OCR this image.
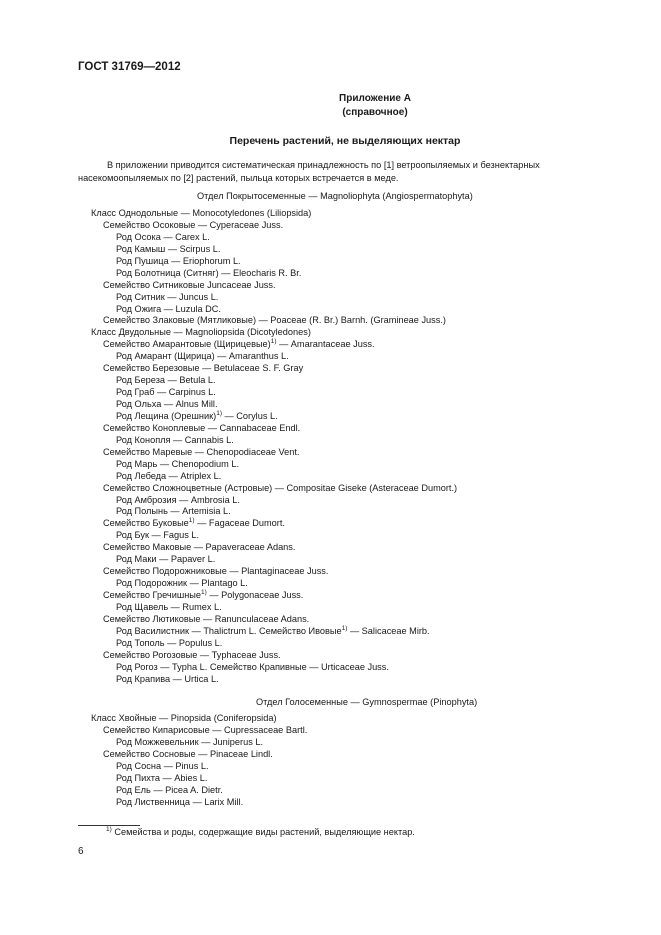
ГОСТ 31769—2012
Приложение А
(справочное)
Перечень растений, не выделяющих нектар
В приложении приводится систематическая принадлежность по [1] ветроопыляемых и безнектарных насекомоопыляемых по [2] растений, пыльца которых встречается в меде.
Отдел Покрытосеменные — Magnoliophyta (Angiospermatophyta)
Класс Однодольные — Monocotyledones (Liliopsida)
Семейство Осоковые — Cyperaceae Juss.
Род Осока — Carex L.
Род Камыш — Scirpus L.
Род Пушица — Eriophorum L.
Род Болотница (Ситняг) — Eleocharis R. Br.
Семейство Ситниковые Juncaceae Juss.
Род Ситник — Juncus L.
Род Ожига — Luzula DC.
Семейство Злаковые (Мятликовые) — Poaceae (R. Br.) Barnh. (Gramineae Juss.)
Класс Двудольные — Magnoliopsida (Dicotyledones)
Семейство Амарантовые (Щирицевые)$^{1)}$ — Amarantaceae Juss.
Род Амарант (Щирица) — Amaranthus L.
Семейство Березовые — Betulaceae S. F. Gray
Род Береза — Betula L.
Род Граб — Carpinus L.
Род Ольха — Alnus Mill.
Род Лещина (Орешник)$^{1)}$ — Corylus L.
Семейство Коноплевые — Cannabaceae Endl.
Род Конопля — Cannabis L.
Семейство Маревые — Chenopodiaceae Vent.
Род Марь — Chenopodium L.
Род Лебеда — Atriplex L.
Семейство Сложноцветные (Астровые) — Compositae Giseke (Asteraceae Dumort.)
Род Амброзия — Ambrosia L.
Род Полынь — Artemisia L.
Семейство Буковые$^{1)}$ — Fagaceae Dumort.
Род Бук — Fagus L.
Семейство Маковые — Papaveraceae Adans.
Род Маки — Papaver L.
Семейство Подорожниковые — Plantaginaceae Juss.
Род Подорожник — Plantago L.
Семейство Гречишные$^{1)}$ — Polygonaceae Juss.
Род Щавель — Rumex L.
Семейство Лютиковые — Ranunculaceae Adans.
Род Василистник — Thalictrum L. Семейство Ивовые$^{1)}$ — Salicaceae Mirb.
Род Тополь — Populus L.
Семейство Рогозовые — Typhaceae Juss.
Род Рогоз — Typha L. Семейство Крапивные — Urticaceae Juss.
Род Крапива — Urtica L.
Отдел Голосеменные — Gymnospermae (Pinophyta)
Класс Хвойные — Pinopsida (Coniferopsida)
Семейство Кипарисовые — Cupressaceae Bartl.
Род Можжевельник — Juniperus L.
Семейство Сосновые — Pinaceae Lindl.
Род Сосна — Pinus L.
Род Пихта — Abies L.
Род Ель — Picea A. Dietr.
Род Лиственница — Larix Mill.
$^{1)}$ Семейства и роды, содержащие виды растений, выделяющие нектар.
6
